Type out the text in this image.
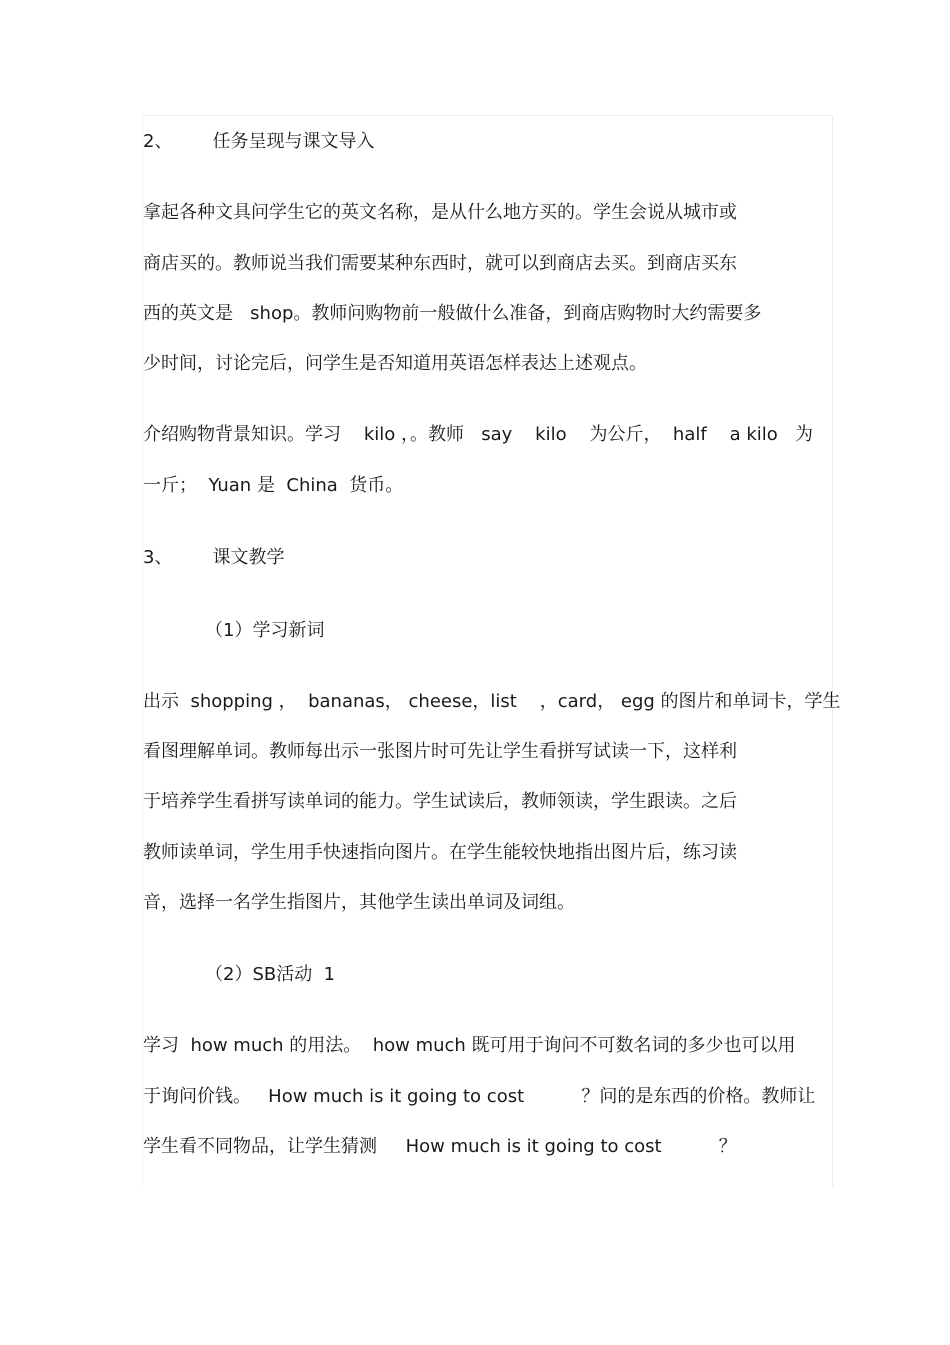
2、       任务呈现与课文导入

拿起各种文具问学生它的英文名称，是从什么地方买的。学生会说从城市或

商店买的。教师说当我们需要某种东西时，就可以到商店去买。到商店买东

西的英文是   shop。教师问购物前一般做什么准备，到商店购物时大约需要多

少时间，讨论完后，问学生是否知道用英语怎样表达上述观点。

介绍购物背景知识。学习    kilo ，。教师   say    kilo    为公斤，  half    a kilo   为

一斤；  Yuan 是  China  货币。

3、       课文教学
（1）学习新词

出示  shopping ，  bananas， cheese，list    ，card， egg 的图片和单词卡，学生

看图理解单词。教师每出示一张图片时可先让学生看拼写试读一下，这样利

于培养学生看拼写读单词的能力。学生试读后，教师领读，学生跟读。之后

教师读单词，学生用手快速指向图片。在学生能较快地指出图片后，练习读

音，选择一名学生指图片，其他学生读出单词及词组。

（2）SB活动  1

学习  how much 的用法。  how much 既可用于询问不可数名词的多少也可以用

于询问价钱。   How much is it going to cost          ？问的是东西的价格。教师让

学生看不同物品，让学生猜测     How much is it going to cost          ？
